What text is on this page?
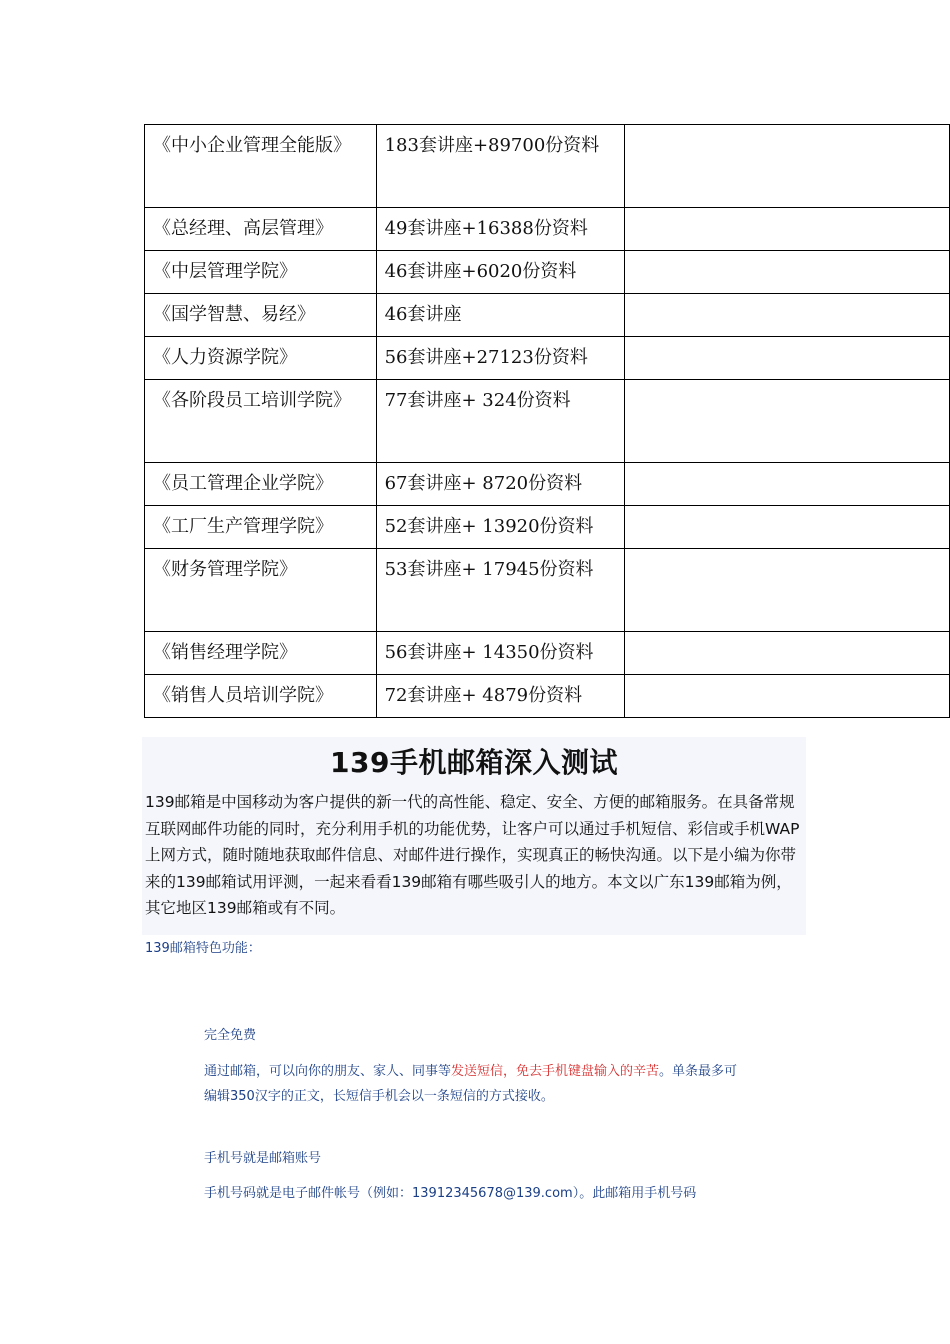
《中小企业管理全能版》	183套讲座+89700份资料	
《总经理、高层管理》	49套讲座+16388份资料	
《中层管理学院》	46套讲座+6020份资料	
《国学智慧、易经》	46套讲座	
《人力资源学院》	56套讲座+27123份资料	
《各阶段员工培训学院》	77套讲座+ 324份资料	
《员工管理企业学院》	67套讲座+ 8720份资料	
《工厂生产管理学院》	52套讲座+ 13920份资料	
《财务管理学院》	53套讲座+ 17945份资料	
《销售经理学院》	56套讲座+ 14350份资料	
《销售人员培训学院》	72套讲座+ 4879份资料	
139手机邮箱深入测试

139邮箱是中国移动为客户提供的新一代的高性能、稳定、安全、方便的邮箱服务。在具备常规互联网邮件功能的同时，充分利用手机的功能优势，让客户可以通过手机短信、彩信或手机WAP上网方式，随时随地获取邮件信息、对邮件进行操作，实现真正的畅快沟通。以下是小编为你带来的139邮箱试用评测，一起来看看139邮箱有哪些吸引人的地方。本文以广东139邮箱为例，其它地区139邮箱或有不同。

139邮箱特色功能：

完全免费

通过邮箱，可以向你的朋友、家人、同事等发送短信，免去手机键盘输入的辛苦。单条最多可编辑350汉字的正文，长短信手机会以一条短信的方式接收。

手机号就是邮箱账号

手机号码就是电子邮件帐号（例如：13912345678@139.com）。此邮箱用手机号码
